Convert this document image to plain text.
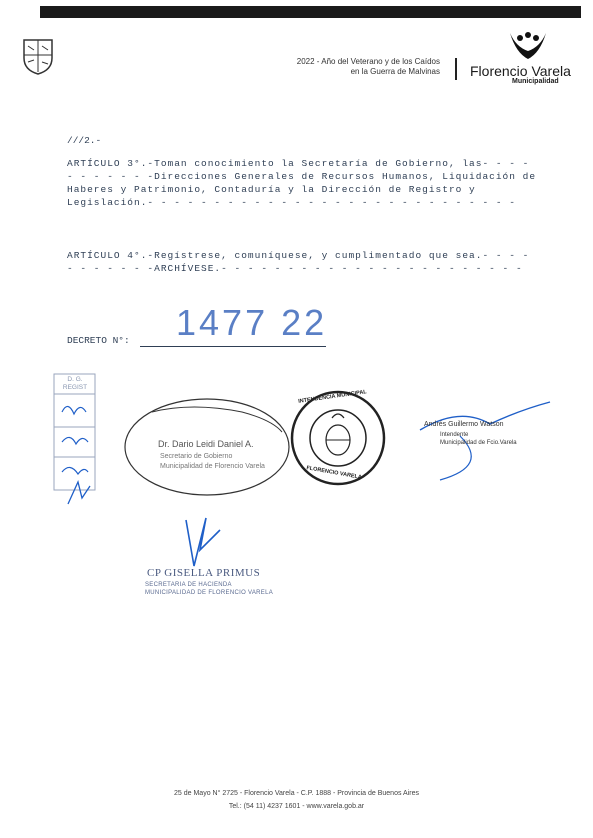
2022 - Año del Veterano y de los Caídos
en la Guerra de Malvinas Florencio Varela
Municipalidad
///2.-
ARTÍCULO 3°.-Toman conocimiento la Secretaría de Gobierno, las- - - -
- - - - - - -Direcciones Generales de Recursos Humanos, Liquidación de
Haberes y Patrimonio, Contaduría y la Dirección de Registro y
Legislación.- - - - - - - - - - - - - - - - - - - - - - - - - - - -
ARTÍCULO 4°.-Regístrese, comuníquese, y cumplimentado que sea.- - - -
- - - - - - -ARCHÍVESE.- - - - - - - - - - - - - - - - - - - - - - -
DECRETO N°: 1477 22
D. G. REGIST
Dr. Dario Leidi Daniel A.
Secretario de Gobierno
Municipalidad de Florencio Varela
INTENDENCIA MUNICIPAL
FLORENCIO VARELA
Andrés Guillermo Watson
Intendente
Municipalidad de Fcio.Varela
CP GISELLA PRIMUS
SECRETARIA DE HACIENDA
MUNICIPALIDAD DE FLORENCIO VARELA
25 de Mayo N° 2725 - Florencio Varela - C.P. 1888 - Provincia de Buenos Aires
Tel.: (54 11) 4237 1601 - www.varela.gob.ar
